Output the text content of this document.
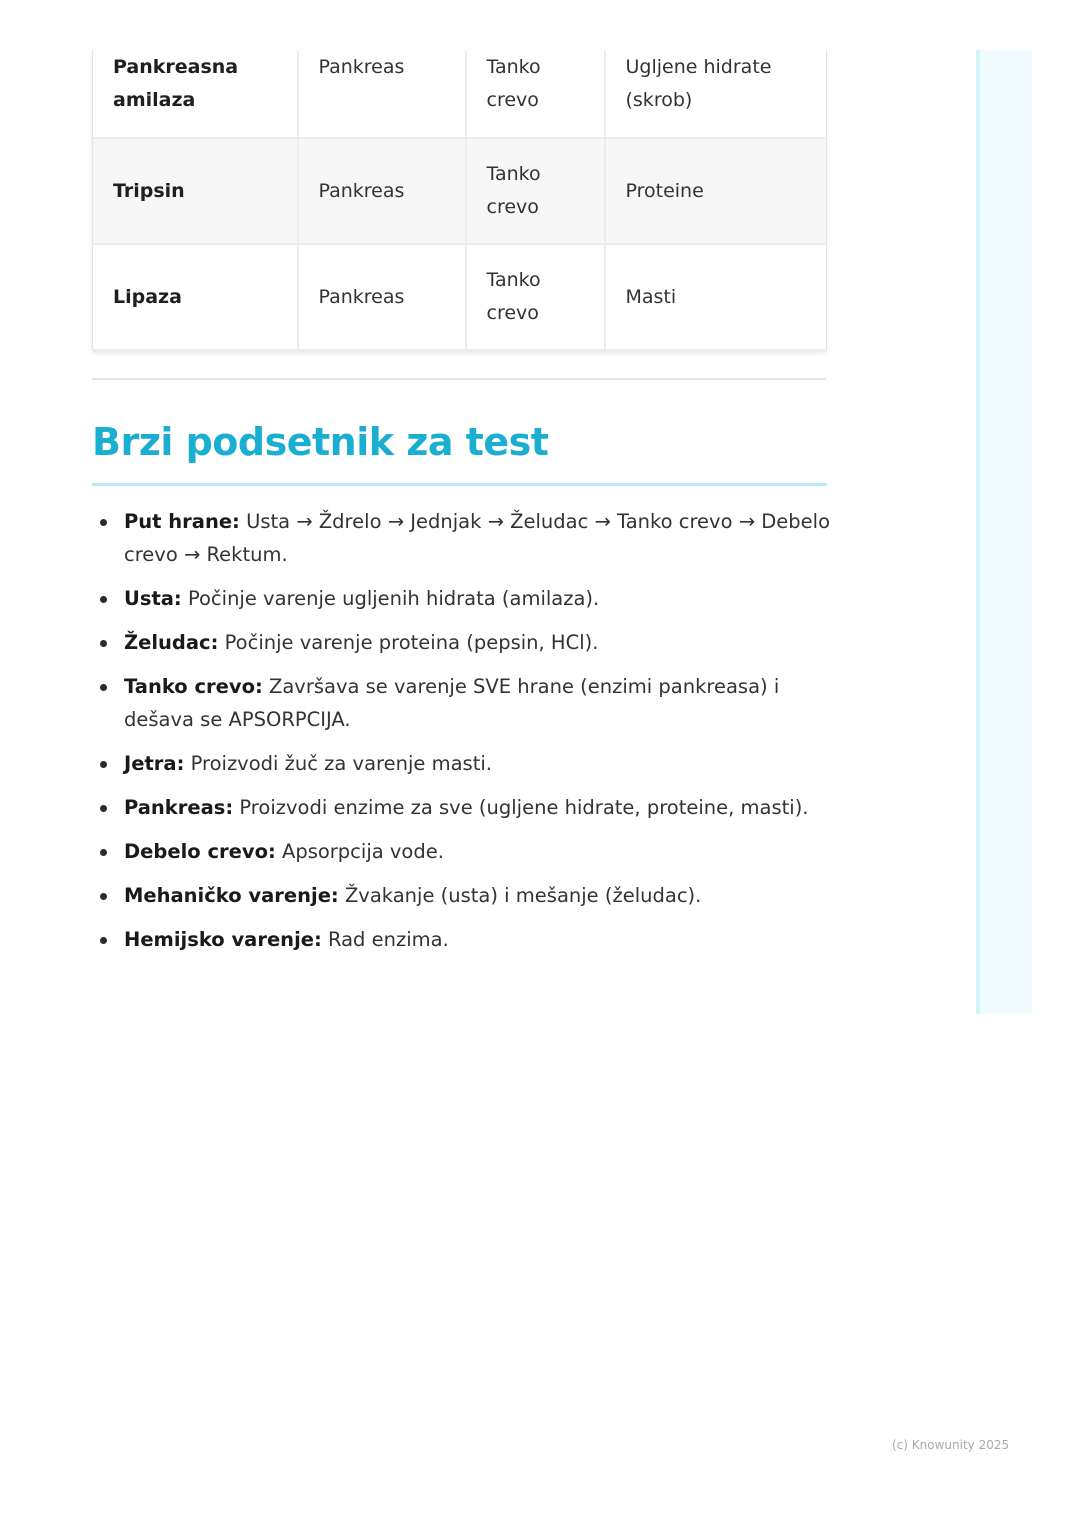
Pankreasna amilaza	Pankreas	Tanko crevo	Ugljene hidrate (skrob)
Tripsin	Pankreas	Tanko crevo	Proteine
Lipaza	Pankreas	Tanko crevo	Masti
Brzi podsetnik za test
Put hrane: Usta → Ždrelo → Jednjak → Želudac → Tanko crevo → Debelo crevo → Rektum.
Usta: Počinje varenje ugljenih hidrata (amilaza).
Želudac: Počinje varenje proteina (pepsin, HCl).
Tanko crevo: Završava se varenje SVE hrane (enzimi pankreasa) i dešava se APSORPCIJA.
Jetra: Proizvodi žuč za varenje masti.
Pankreas: Proizvodi enzime za sve (ugljene hidrate, proteine, masti).
Debelo crevo: Apsorpcija vode.
Mehaničko varenje: Žvakanje (usta) i mešanje (želudac).
Hemijsko varenje: Rad enzima.
(c) Knowunity 2025
